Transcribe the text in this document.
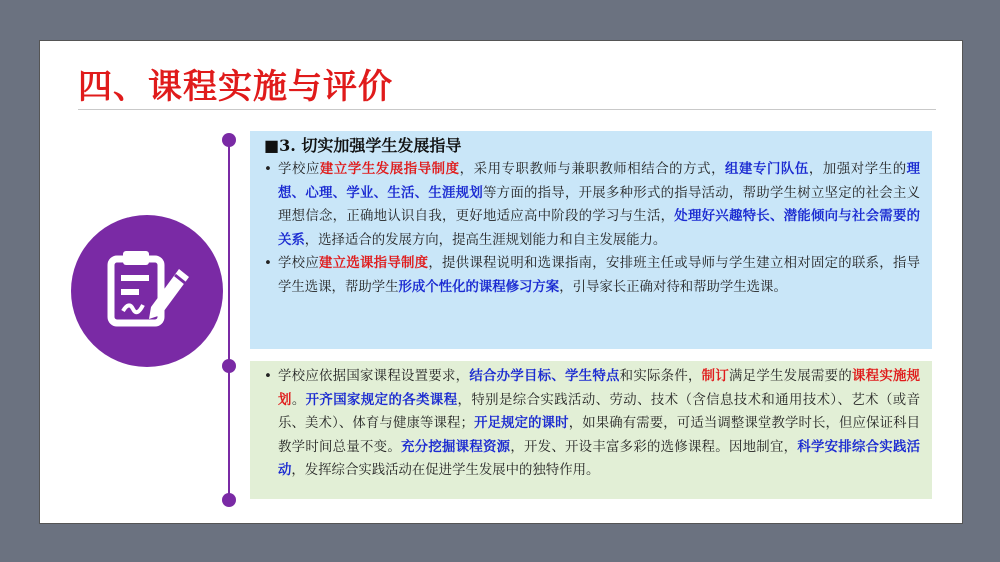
四、课程实施与评价
■3. 切实加强学生发展指导
• 学校应建立学生发展指导制度，采用专职教师与兼职教师相结合的方式，组建专门队伍，加强对学生的理想、心理、学业、生活、生涯规划等方面的指导，开展多种形式的指导活动，帮助学生树立坚定的社会主义理想信念，正确地认识自我，更好地适应高中阶段的学习与生活，处理好兴趣特长、潜能倾向与社会需要的关系，选择适合的发展方向，提高生涯规划能力和自主发展能力。
• 学校应建立选课指导制度，提供课程说明和选课指南，安排班主任或导师与学生建立相对固定的联系，指导学生选课，帮助学生形成个性化的课程修习方案，引导家长正确对待和帮助学生选课。
• 学校应依据国家课程设置要求，结合办学目标、学生特点和实际条件，制订满足学生发展需要的课程实施规划。开齐国家规定的各类课程，特别是综合实践活动、劳动、技术（含信息技术和通用技术）、艺术（或音乐、美术）、体育与健康等课程；开足规定的课时，如果确有需要，可适当调整课堂教学时长，但应保证科目教学时间总量不变。充分挖掘课程资源，开发、开设丰富多彩的选修课程。因地制宜，科学安排综合实践活动，发挥综合实践活动在促进学生发展中的独特作用。
